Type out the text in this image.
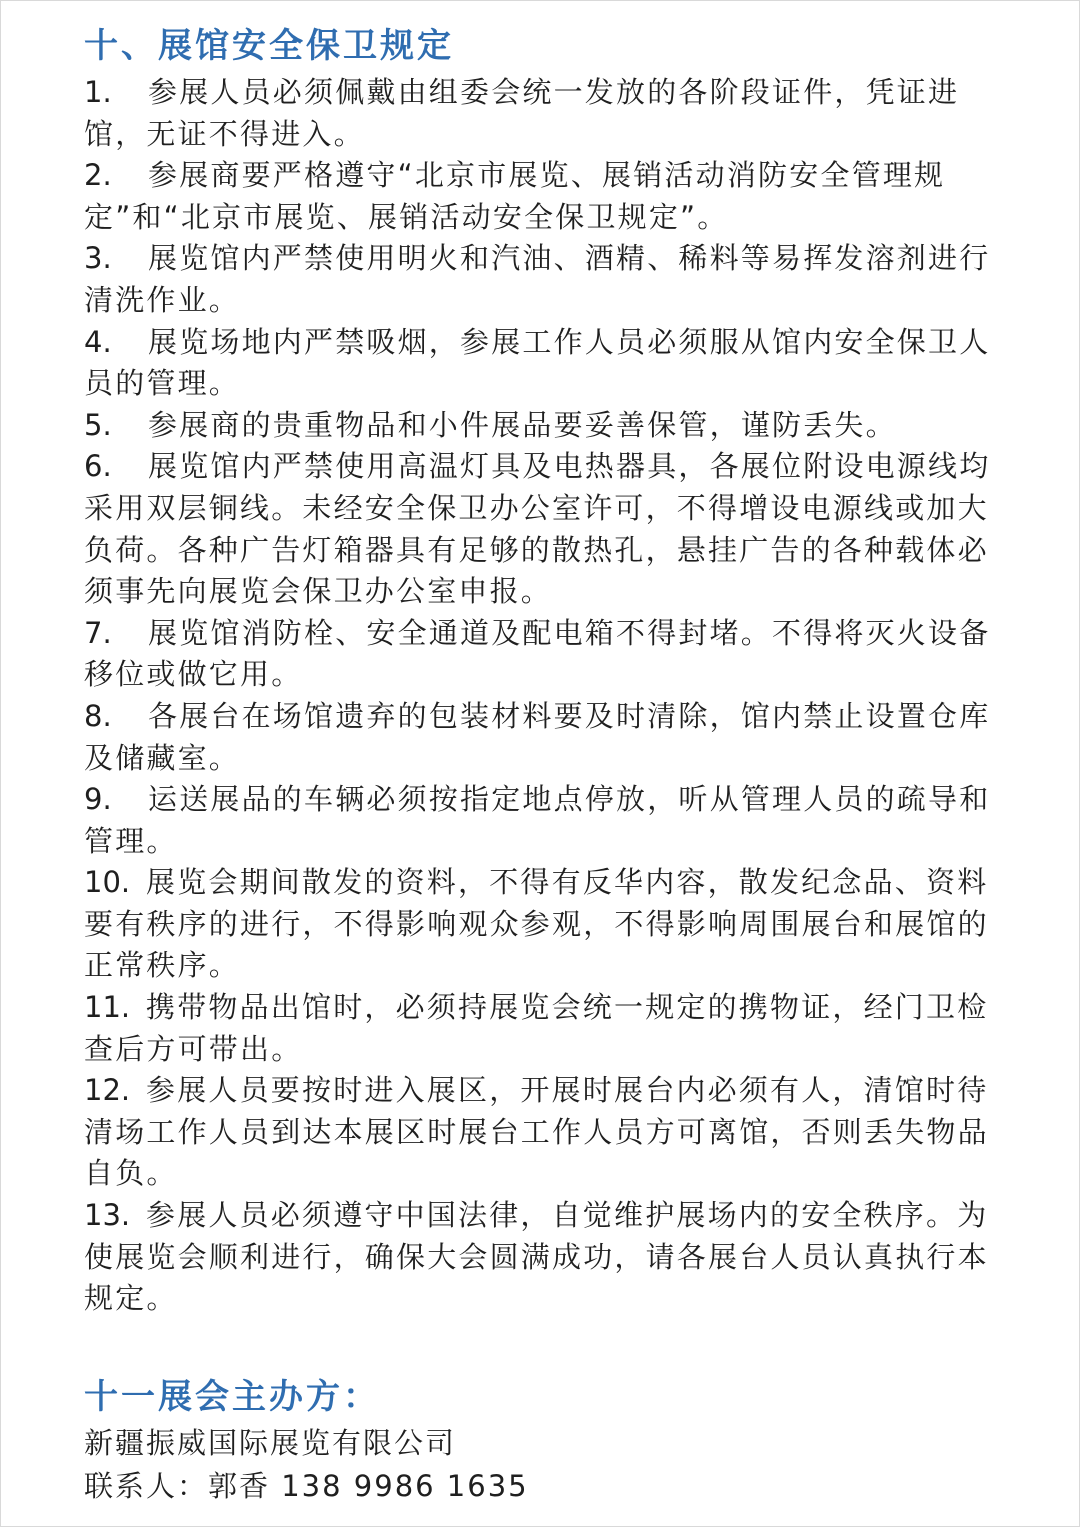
十、展馆安全保卫规定
1. 参展人员必须佩戴由组委会统一发放的各阶段证件，凭证进馆，无证不得进入。
2. 参展商要严格遵守“北京市展览、展销活动消防安全管理规定”和“北京市展览、展销活动安全保卫规定”。
3. 展览馆内严禁使用明火和汽油、酒精、稀料等易挥发溶剂进行清洗作业。
4. 展览场地内严禁吸烟，参展工作人员必须服从馆内安全保卫人员的管理。
5. 参展商的贵重物品和小件展品要妥善保管，谨防丢失。
6. 展览馆内严禁使用高温灯具及电热器具，各展位附设电源线均采用双层铜线。未经安全保卫办公室许可，不得增设电源线或加大负荷。各种广告灯箱器具有足够的散热孔，悬挂广告的各种载体必须事先向展览会保卫办公室申报。
7. 展览馆消防栓、安全通道及配电箱不得封堵。不得将灭火设备移位或做它用。
8. 各展台在场馆遗弃的包装材料要及时清除，馆内禁止设置仓库及储藏室。
9. 运送展品的车辆必须按指定地点停放，听从管理人员的疏导和管理。
10. 展览会期间散发的资料，不得有反华内容，散发纪念品、资料要有秩序的进行，不得影响观众参观，不得影响周围展台和展馆的正常秩序。
11. 携带物品出馆时，必须持展览会统一规定的携物证，经门卫检查后方可带出。
12. 参展人员要按时进入展区，开展时展台内必须有人，清馆时待清场工作人员到达本展区时展台工作人员方可离馆，否则丢失物品自负。
13. 参展人员必须遵守中国法律，自觉维护展场内的安全秩序。为使展览会顺利进行，确保大会圆满成功，请各展台人员认真执行本规定。
十一展会主办方：
新疆振威国际展览有限公司
联系人：郭香 138 9986 1635
